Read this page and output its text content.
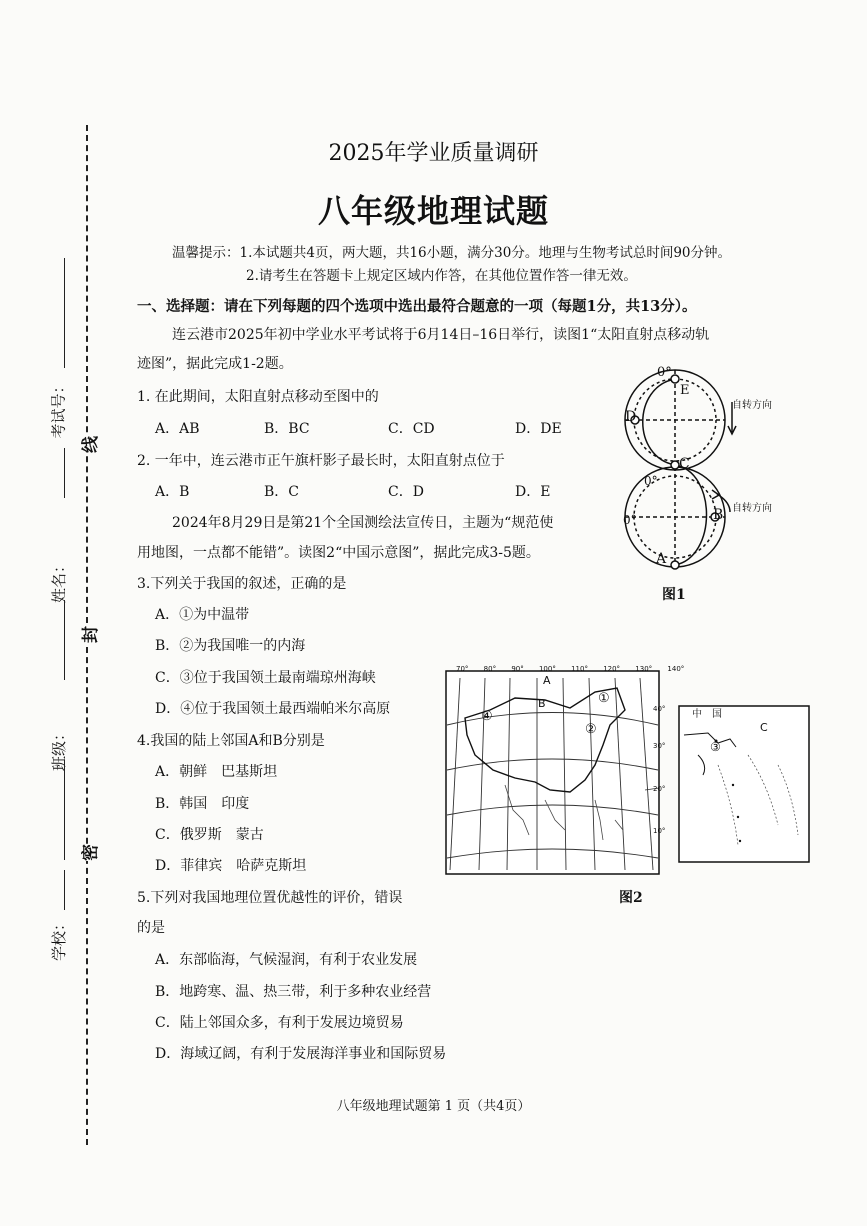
考试号：
姓名：
班级：
学校：
线
封
密
2025年学业质量调研
八年级地理试题
温馨提示：1.本试题共4页，两大题，共16小题，满分30分。地理与生物考试总时间90分钟。
2.请考生在答题卡上规定区域内作答，在其他位置作答一律无效。
一、选择题：请在下列每题的四个选项中选出最符合题意的一项（每题1分，共13分）。
连云港市2025年初中学业水平考试将于6月14日–16日举行，读图1“太阳直射点移动轨
迹图”，据此完成1-2题。
1. 在此期间，太阳直射点移动至图中的
A．AB	B．BC	C．CD	D．DE
2. 一年中，连云港市正午旗杆影子最长时，太阳直射点位于
A．B	B．C	C．D	D．E
2024年8月29日是第21个全国测绘法宣传日，主题为“规范使
用地图，一点都不能错”。读图2“中国示意图”，据此完成3-5题。
3.下列关于我国的叙述，正确的是
A．①为中温带
B．②为我国唯一的内海
C．③位于我国领土最南端琼州海峡
D．④位于我国领土最西端帕米尔高原
4.我国的陆上邻国A和B分别是
A．朝鲜　巴基斯坦
B．韩国　印度
C．俄罗斯　蒙古
D．菲律宾　哈萨克斯坦
5.下列对我国地理位置优越性的评价，错误
的是
A．东部临海，气候湿润，有利于农业发展
B．地跨寒、温、热三带，利于多种农业经营
C．陆上邻国众多，有利于发展边境贸易
D．海域辽阔，有利于发展海洋事业和国际贸易
0°
E
D
自转方向
C
0°
自转方向
0°	B
A
图1
70° 80° 90° 100° 110° 120° 130° 140°
40°
30°
20°
10°
A
B	①
②
④	中　国
C
③
图2
八年级地理试题第 1 页（共4页）
